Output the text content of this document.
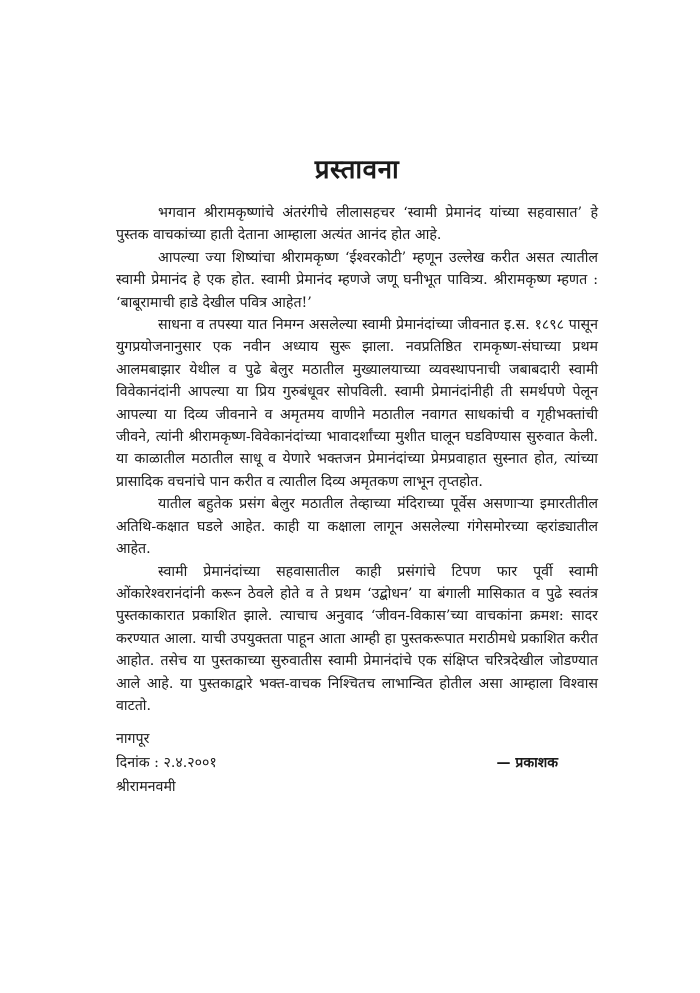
प्रस्तावना

भगवान श्रीरामकृष्णांचे अंतरंगीचे लीलासहचर ‘स्वामी प्रेमानंद यांच्या सहवासात’ हे पुस्तक वाचकांच्या हाती देताना आम्हाला अत्यंत आनंद होत आहे.

आपल्या ज्या शिष्यांचा श्रीरामकृष्ण ‘ईश्वरकोटी’ म्हणून उल्लेख करीत असत त्यातील स्वामी प्रेमानंद हे एक होत. स्वामी प्रेमानंद म्हणजे जणू घनीभूत पावित्र्य. श्रीरामकृष्ण म्हणत : ‘बाबूरामाची हाडे देखील पवित्र आहेत!’

साधना व तपस्या यात निमग्न असलेल्या स्वामी प्रेमानंदांच्या जीवनात इ.स. १८९८ पासून युगप्रयोजनानुसार एक नवीन अध्याय सुरू झाला. नवप्रतिष्ठित रामकृष्ण-संघाच्या प्रथम आलमबाझार येथील व पुढे बेलुर मठातील मुख्यालयाच्या व्यवस्थापनाची जबाबदारी स्वामी विवेकानंदांनी आपल्या या प्रिय गुरुबंधूवर सोपविली. स्वामी प्रेमानंदांनीही ती समर्थपणे पेलून आपल्या या दिव्य जीवनाने व अमृतमय वाणीने मठातील नवागत साधकांची व गृहीभक्तांची जीवने, त्यांनी श्रीरामकृष्ण-विवेकानंदांच्या भावादर्शांच्या मुशीत घालून घडविण्यास सुरुवात केली. या काळातील मठातील साधू व येणारे भक्तजन प्रेमानंदांच्या प्रेमप्रवाहात सुस्नात होत, त्यांच्या प्रासादिक वचनांचे पान करीत व त्यातील दिव्य अमृतकण लाभून तृप्तहोत.

यातील बहुतेक प्रसंग बेलुर मठातील तेव्हाच्या मंदिराच्या पूर्वेस असणाऱ्या इमारतीतील अतिथि-कक्षात घडले आहेत. काही या कक्षाला लागून असलेल्या गंगेसमोरच्या व्हरांड्यातील आहेत.

स्वामी प्रेमानंदांच्या सहवासातील काही प्रसंगांचे टिपण फार पूर्वी स्वामी ओंकारेश्वरानंदांनी करून ठेवले होते व ते प्रथम ‘उद्बोधन’ या बंगाली मासिकात व पुढे स्वतंत्र पुस्तकाकारात प्रकाशित झाले. त्याचाच अनुवाद ‘जीवन-विकास’च्या वाचकांना क्रमश: सादर करण्यात आला. याची उपयुक्तता पाहून आता आम्ही हा पुस्तकरूपात मराठीमधे प्रकाशित करीत आहोत. तसेच या पुस्तकाच्या सुरुवातीस स्वामी प्रेमानंदांचे एक संक्षिप्त चरित्रदेखील जोडण्यात आले आहे. या पुस्तकाद्वारे भक्त-वाचक निश्चितच लाभान्वित होतील असा आम्हाला विश्वास वाटतो.

नागपूर
दिनांक : २.४.२००१	— प्रकाशक
श्रीरामनवमी
